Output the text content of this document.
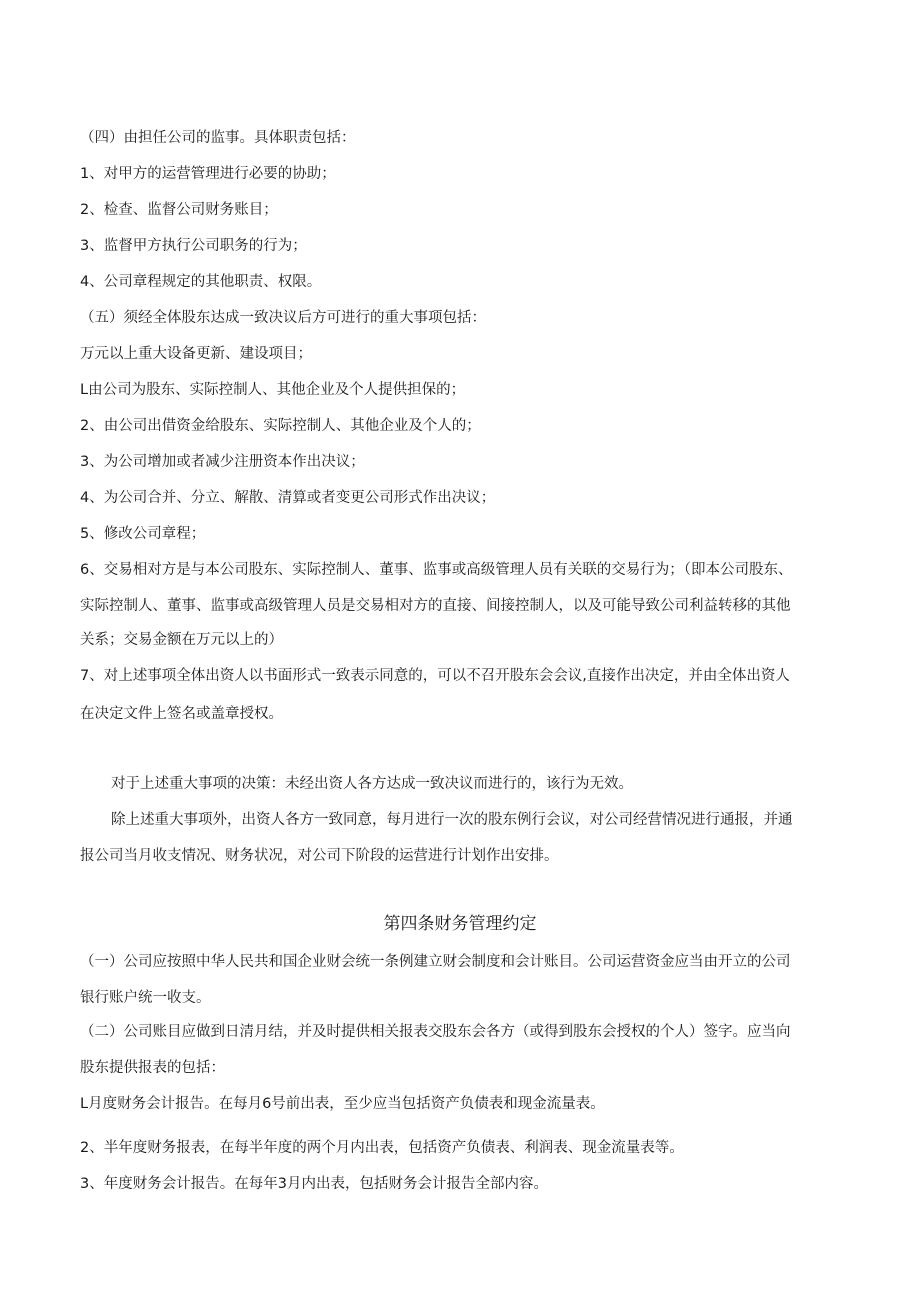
（四）由担任公司的监事。具体职责包括：
1、对甲方的运营管理进行必要的协助；
2、检查、监督公司财务账目；
3、监督甲方执行公司职务的行为；
4、公司章程规定的其他职责、权限。
（五）须经全体股东达成一致决议后方可进行的重大事项包括：
万元以上重大设备更新、建设项目；
L由公司为股东、实际控制人、其他企业及个人提供担保的；
2、由公司出借资金给股东、实际控制人、其他企业及个人的；
3、为公司增加或者减少注册资本作出决议；
4、为公司合并、分立、解散、清算或者变更公司形式作出决议；
5、修改公司章程；
6、交易相对方是与本公司股东、实际控制人、董事、监事或高级管理人员有关联的交易行为；（即本公司股东、
实际控制人、董事、监事或高级管理人员是交易相对方的直接、间接控制人，以及可能导致公司利益转移的其他
关系；交易金额在万元以上的）
7、对上述事项全体出资人以书面形式一致表示同意的，可以不召开股东会会议,直接作出决定，并由全体出资人
在决定文件上签名或盖章授权。
对于上述重大事项的决策：未经出资人各方达成一致决议而进行的，该行为无效。
除上述重大事项外，出资人各方一致同意，每月进行一次的股东例行会议，对公司经营情况进行通报，并通
报公司当月收支情况、财务状况，对公司下阶段的运营进行计划作出安排。
第四条财务管理约定
（一）公司应按照中华人民共和国企业财会统一条例建立财会制度和会计账目。公司运营资金应当由开立的公司
银行账户统一收支。
（二）公司账目应做到日清月结，并及时提供相关报表交股东会各方（或得到股东会授权的个人）签字。应当向
股东提供报表的包括：
L月度财务会计报告。在每月6号前出表，至少应当包括资产负债表和现金流量表。
2、半年度财务报表，在每半年度的两个月内出表，包括资产负债表、利润表、现金流量表等。
3、年度财务会计报告。在每年3月内出表，包括财务会计报告全部内容。
